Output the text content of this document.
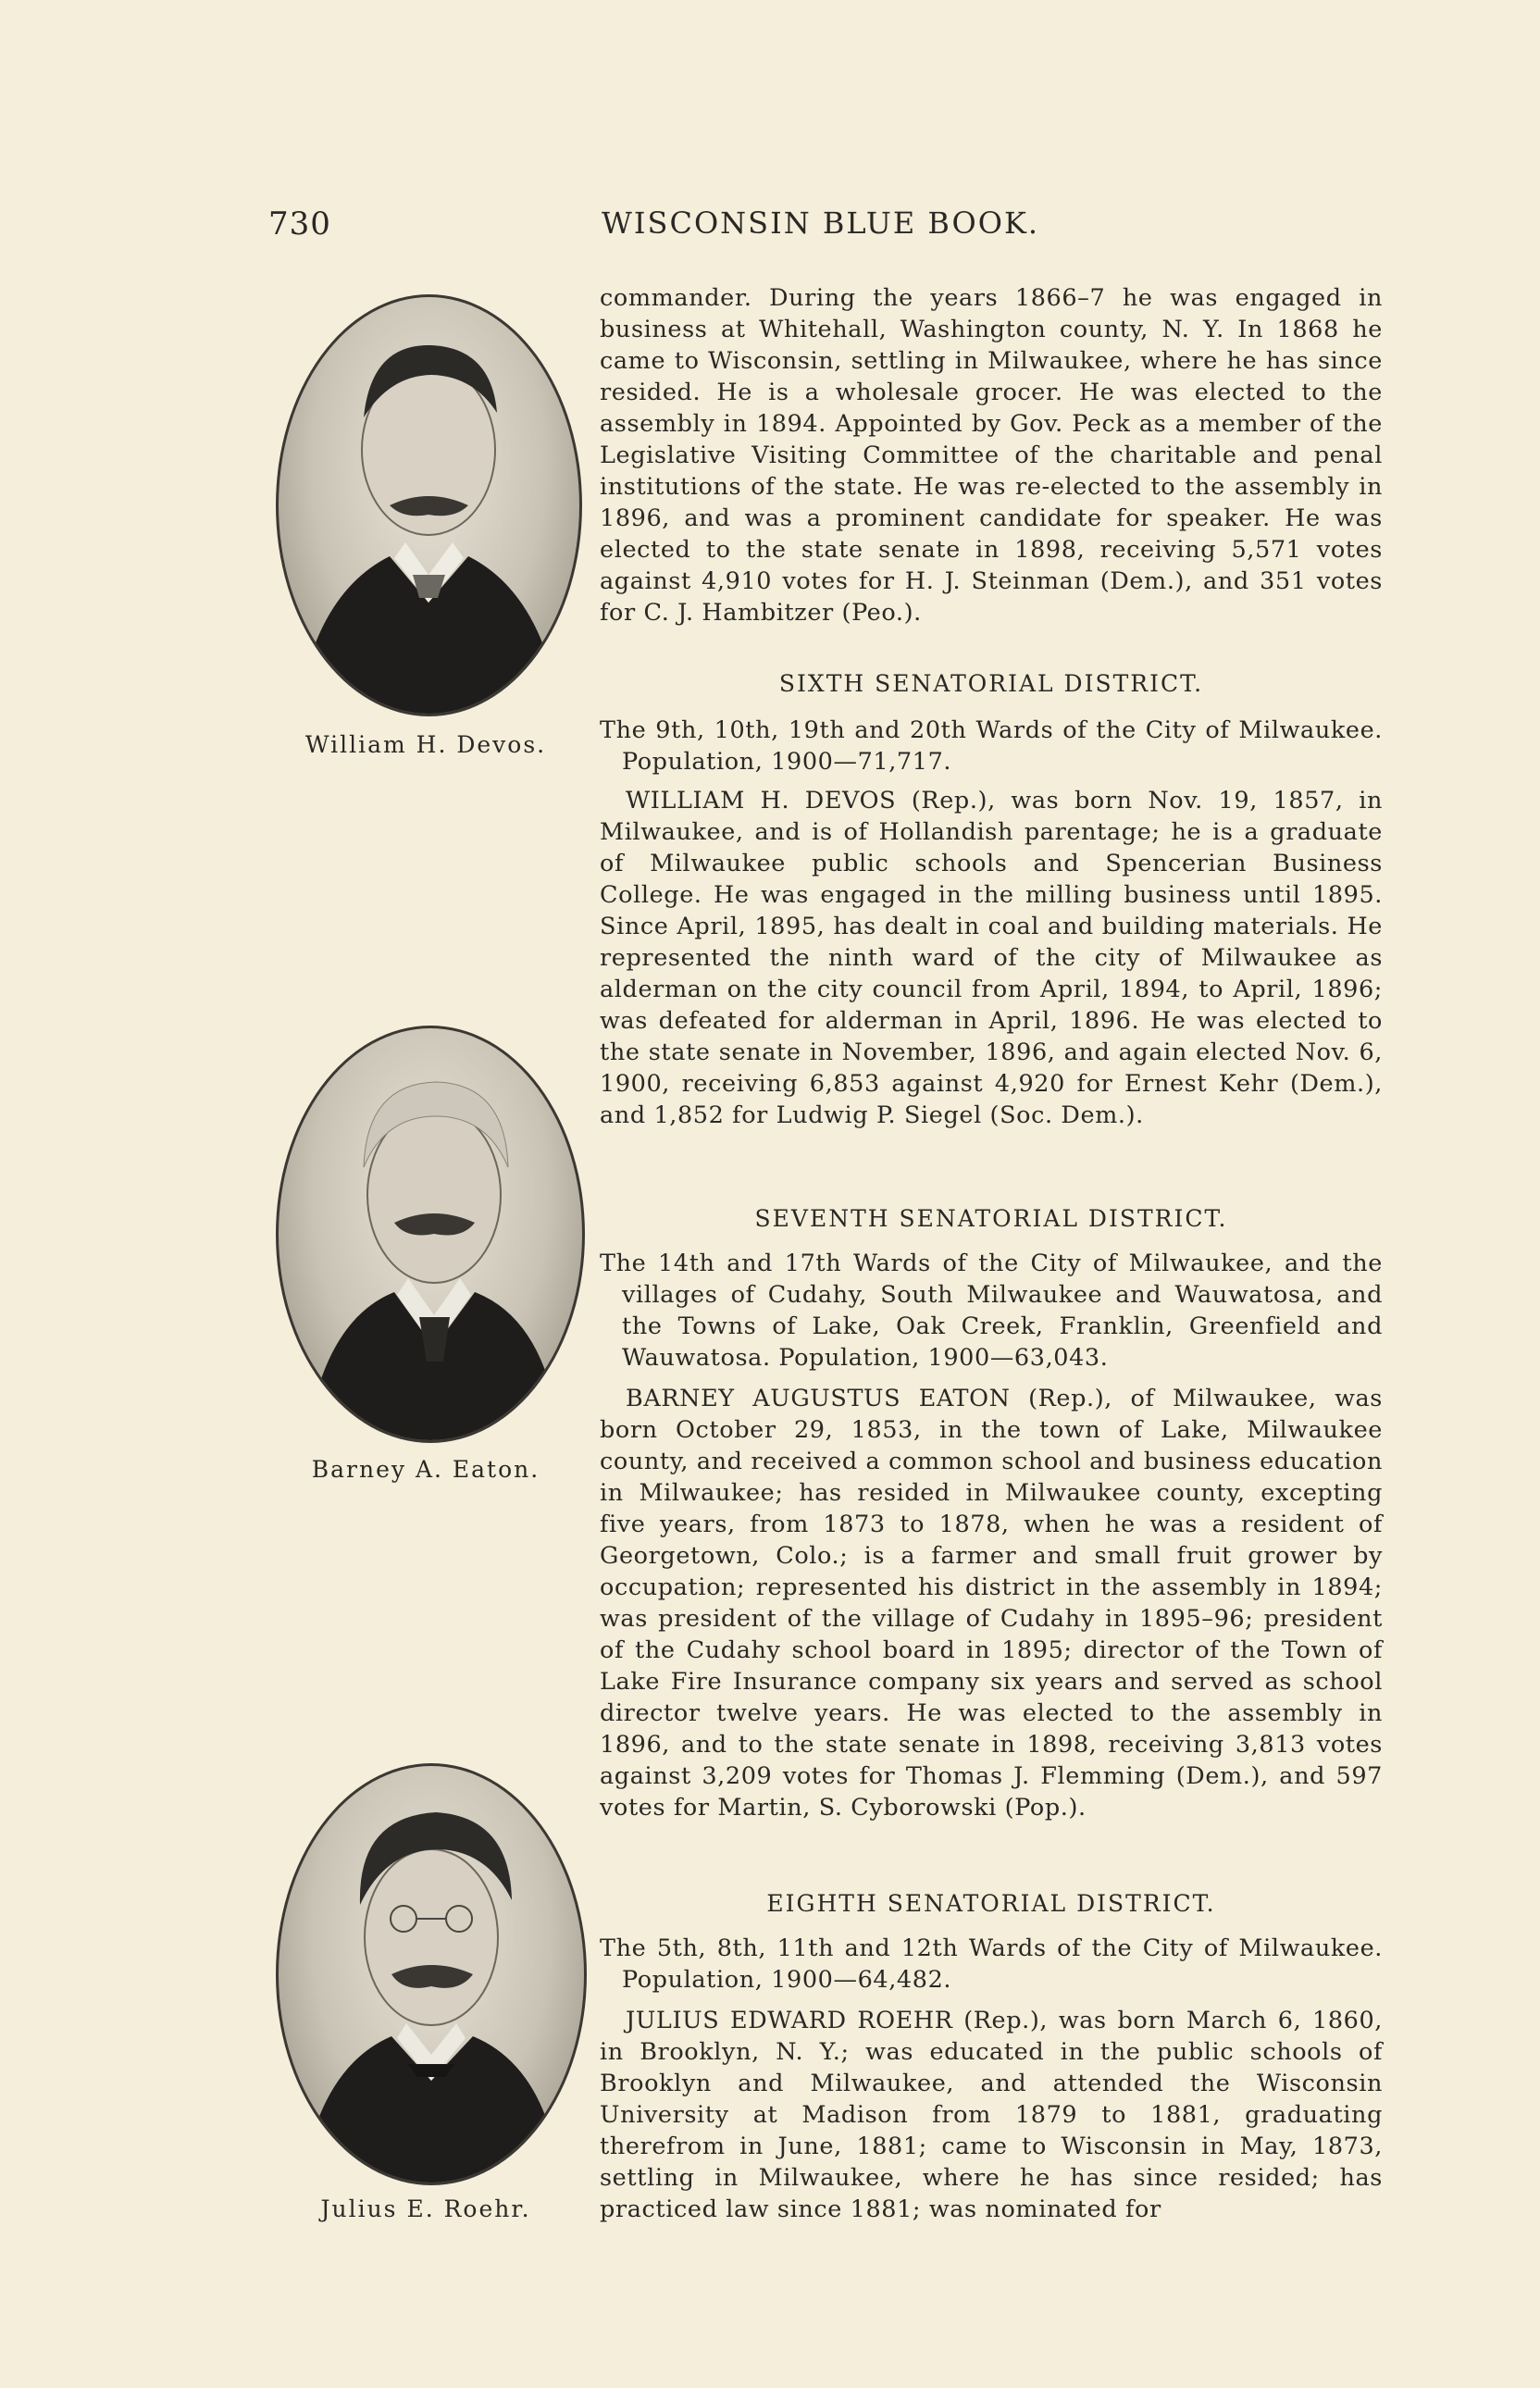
730	WISCONSIN BLUE BOOK.
William H. Devos.
Barney A. Eaton.
Julius E. Roehr.

commander. During the years 1866–7 he was engaged in business at Whitehall, Washington county, N. Y. In 1868 he came to Wisconsin, settling in Milwaukee, where he has since resided. He is a wholesale grocer. He was elected to the assembly in 1894. Appointed by Gov. Peck as a member of the Legislative Visiting Committee of the charitable and penal institutions of the state. He was re-elected to the assembly in 1896, and was a prominent candidate for speaker. He was elected to the state senate in 1898, receiving 5,571 votes against 4,910 votes for H. J. Steinman (Dem.), and 351 votes for C. J. Hambitzer (Peo.).

SIXTH SENATORIAL DISTRICT.
The 9th, 10th, 19th and 20th Wards of the City of Milwaukee. Population, 1900—71,717.

WILLIAM H. DEVOS (Rep.), was born Nov. 19, 1857, in Milwaukee, and is of Hollandish parentage; he is a graduate of Milwaukee public schools and Spencerian Business College. He was engaged in the milling business until 1895. Since April, 1895, has dealt in coal and building materials. He represented the ninth ward of the city of Milwaukee as alderman on the city council from April, 1894, to April, 1896; was defeated for alderman in April, 1896. He was elected to the state senate in November, 1896, and again elected Nov. 6, 1900, receiving 6,853 against 4,920 for Ernest Kehr (Dem.), and 1,852 for Ludwig P. Siegel (Soc. Dem.).

SEVENTH SENATORIAL DISTRICT.
The 14th and 17th Wards of the City of Milwaukee, and the villages of Cudahy, South Milwaukee and Wauwatosa, and the Towns of Lake, Oak Creek, Franklin, Greenfield and Wauwatosa. Population, 1900—63,043.

BARNEY AUGUSTUS EATON (Rep.), of Milwaukee, was born October 29, 1853, in the town of Lake, Milwaukee county, and received a common school and business education in Milwaukee; has resided in Milwaukee county, excepting five years, from 1873 to 1878, when he was a resident of Georgetown, Colo.; is a farmer and small fruit grower by occupation; represented his district in the assembly in 1894; was president of the village of Cudahy in 1895–96; president of the Cudahy school board in 1895; director of the Town of Lake Fire Insurance company six years and served as school director twelve years. He was elected to the assembly in 1896, and to the state senate in 1898, receiving 3,813 votes against 3,209 votes for Thomas J. Flemming (Dem.), and 597 votes for Martin, S. Cyborowski (Pop.).

EIGHTH SENATORIAL DISTRICT.
The 5th, 8th, 11th and 12th Wards of the City of Milwaukee. Population, 1900—64,482.

JULIUS EDWARD ROEHR (Rep.), was born March 6, 1860, in Brooklyn, N. Y.; was educated in the public schools of Brooklyn and Milwaukee, and attended the Wisconsin University at Madison from 1879 to 1881, graduating therefrom in June, 1881; came to Wisconsin in May, 1873, settling in Milwaukee, where he has since resided; has practiced law since 1881; was nominated for
